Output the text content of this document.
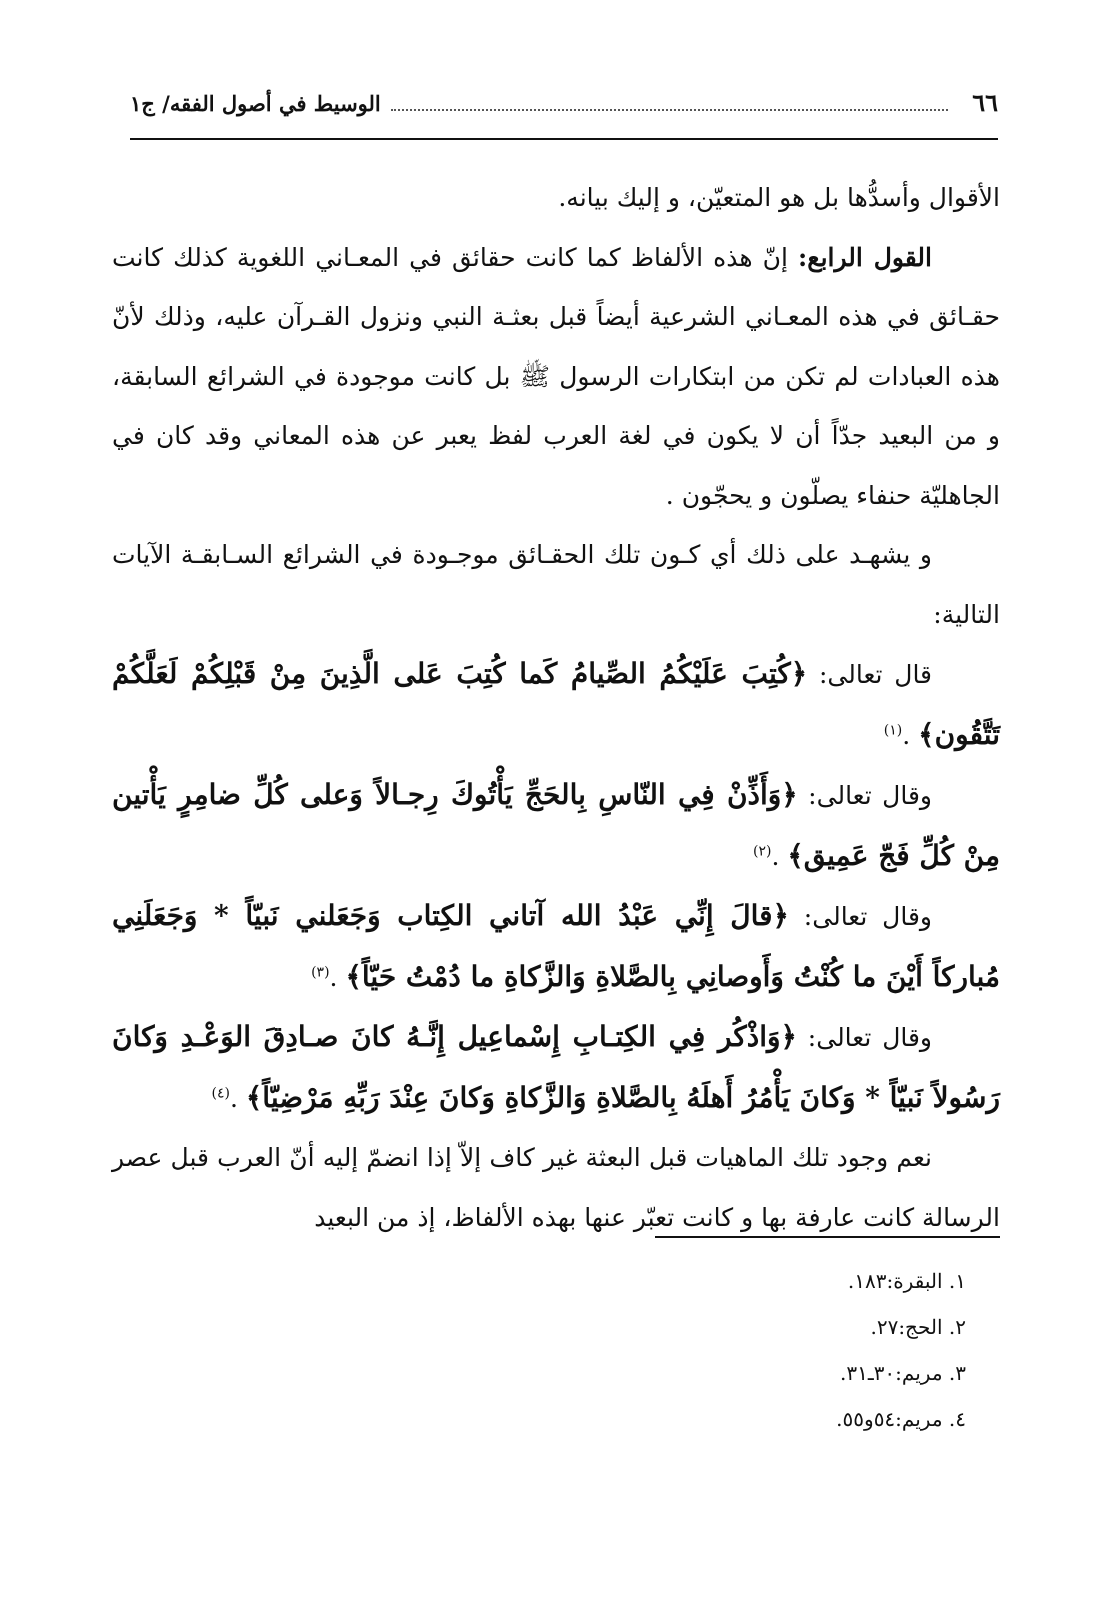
٦٦
الوسيط في أصول الفقه/ ج١

الأقوال وأسدُّها بل هو المتعيّن، و إليك بيانه.

القول الرابع: إنّ هذه الألفاظ كما كانت حقائق في المعـاني اللغوية كذلك كانت حقـائق في هذه المعـاني الشرعية أيضاً قبل بعثـة النبي ونزول القـرآن عليه، وذلك لأنّ هذه العبادات لم تكن من ابتكارات الرسول ﷺ بل كانت موجودة في الشرائع السابقة، و من البعيد جدّاً أن لا يكون في لغة العرب لفظ يعبر عن هذه المعاني وقد كان في الجاهليّة حنفاء يصلّون و يحجّون .

و يشهـد على ذلك أي كـون تلك الحقـائق موجـودة في الشرائع السـابقـة الآيات التالية:

قال تعالى: ﴿كُتِبَ عَلَيْكُمُ الصِّيامُ كَما كُتِبَ عَلى الَّذِينَ مِنْ قَبْلِكُمْ لَعَلَّكُمْ تَتَّقُون﴾ .$^{(١)}$

وقال تعالى: ﴿وَأَذِّنْ فِي النّاسِ بِالحَجِّ يَأْتُوكَ رِجـالاً وَعلى كُلِّ ضامِرٍ يَأْتين مِنْ كُلِّ فَجّ عَمِيق﴾ .$^{(٢)}$

وقال تعالى: ﴿قالَ إِنِّي عَبْدُ الله آتاني الكِتاب وَجَعَلني نَبيّاً * وَجَعَلَنِي مُباركاً أَيْنَ ما كُنْتُ وَأَوصانِي بِالصَّلاةِ وَالزَّكاةِ ما دُمْتُ حَيّاً﴾ .$^{(٣)}$

وقال تعالى: ﴿وَاذْكُر فِي الكِتـابِ إِسْماعِيل إِنَّـهُ كانَ صـادِقَ الوَعْـدِ وَكانَ رَسُولاً نَبيّاً * وَكانَ يَأْمُرُ أَهلَهُ بِالصَّلاةِ وَالزَّكاةِ وَكانَ عِنْدَ رَبِّهِ مَرْضِيّاً﴾ .$^{(٤)}$

نعم وجود تلك الماهيات قبل البعثة غير كاف إلاّ إذا انضمّ إليه أنّ العرب قبل عصر الرسالة كانت عارفة بها و كانت تعبّر عنها بهذه الألفاظ، إذ من البعيد

١. البقرة:١٨٣.
٢. الحج:٢٧.
٣. مريم:٣٠ـ٣١.
٤. مريم:٥٤و٥٥.
